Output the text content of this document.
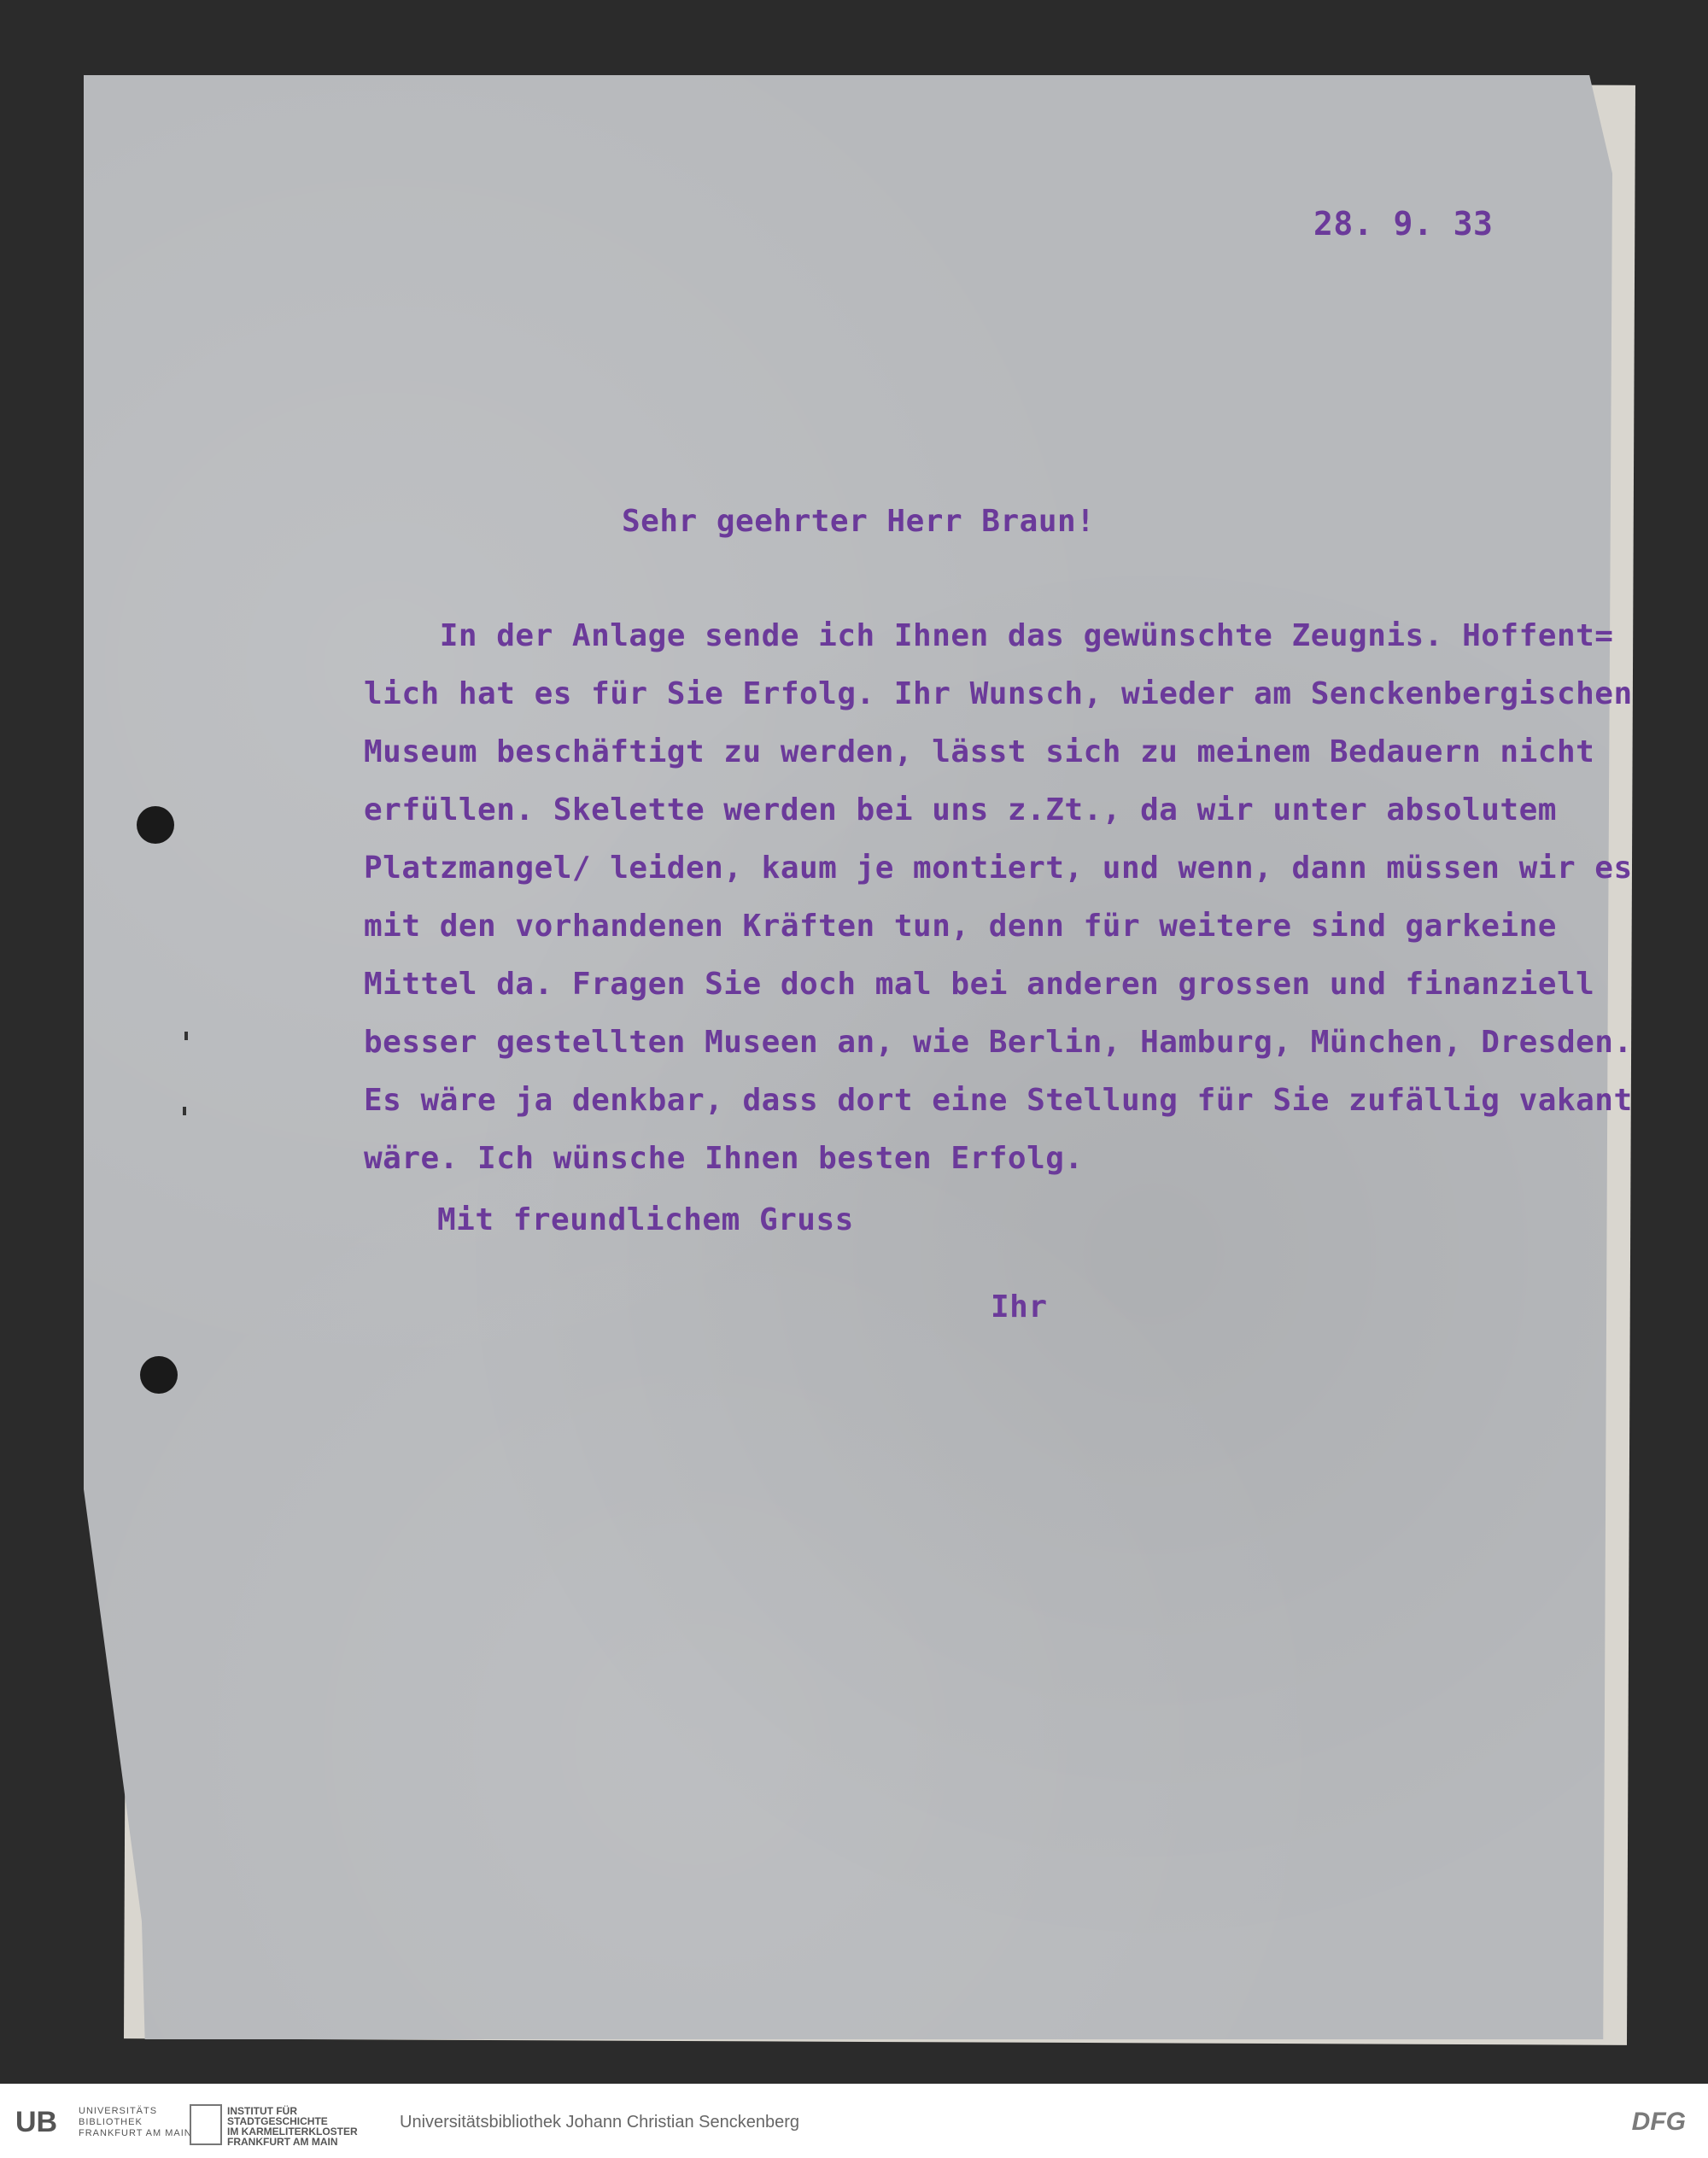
28. 9. 33

Sehr geehrter Herr Braun!

In der Anlage sende ich Ihnen das gewünschte Zeugnis. Hoffent=

lich hat es für Sie Erfolg. Ihr Wunsch, wieder am Senckenbergischen

Museum beschäftigt zu werden, lässt sich zu meinem Bedauern nicht

erfüllen. Skelette werden bei uns z.Zt., da wir unter absolutem

Platzmangel/ leiden, kaum je montiert, und wenn, dann müssen wir es

mit den vorhandenen Kräften tun, denn für weitere sind garkeine

Mittel da. Fragen Sie doch mal bei anderen grossen und finanziell

besser gestellten Museen an, wie Berlin, Hamburg, München, Dresden.

Es wäre ja denkbar, dass dort eine Stellung für Sie zufällig vakant

wäre. Ich wünsche Ihnen besten Erfolg.

Mit freundlichem Gruss

Ihr

UB UNIVERSITÄTS
BIBLIOTHEK
FRANKFURT AM MAIN
INSTITUT FÜR
STADTGESCHICHTE
IM KARMELITERKLOSTER
FRANKFURT AM MAIN
Universitätsbibliothek Johann Christian Senckenberg	DFG
